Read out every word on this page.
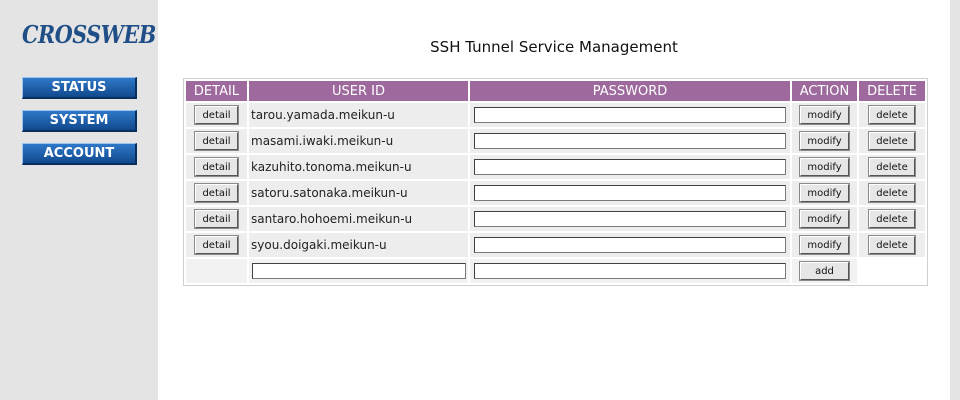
CROSSWEB
STATUS
SYSTEM
ACCOUNT
SSH Tunnel Service Management
DETAIL	USER ID	PASSWORD	ACTION	DELETE
detail	tarou.yamada.meikun-u		modify	delete
detail	masami.iwaki.meikun-u		modify	delete
detail	kazuhito.tonoma.meikun-u		modify	delete
detail	satoru.satonaka.meikun-u		modify	delete
detail	santaro.hohoemi.meikun-u		modify	delete
detail	syou.doigaki.meikun-u		modify	delete
			add	
